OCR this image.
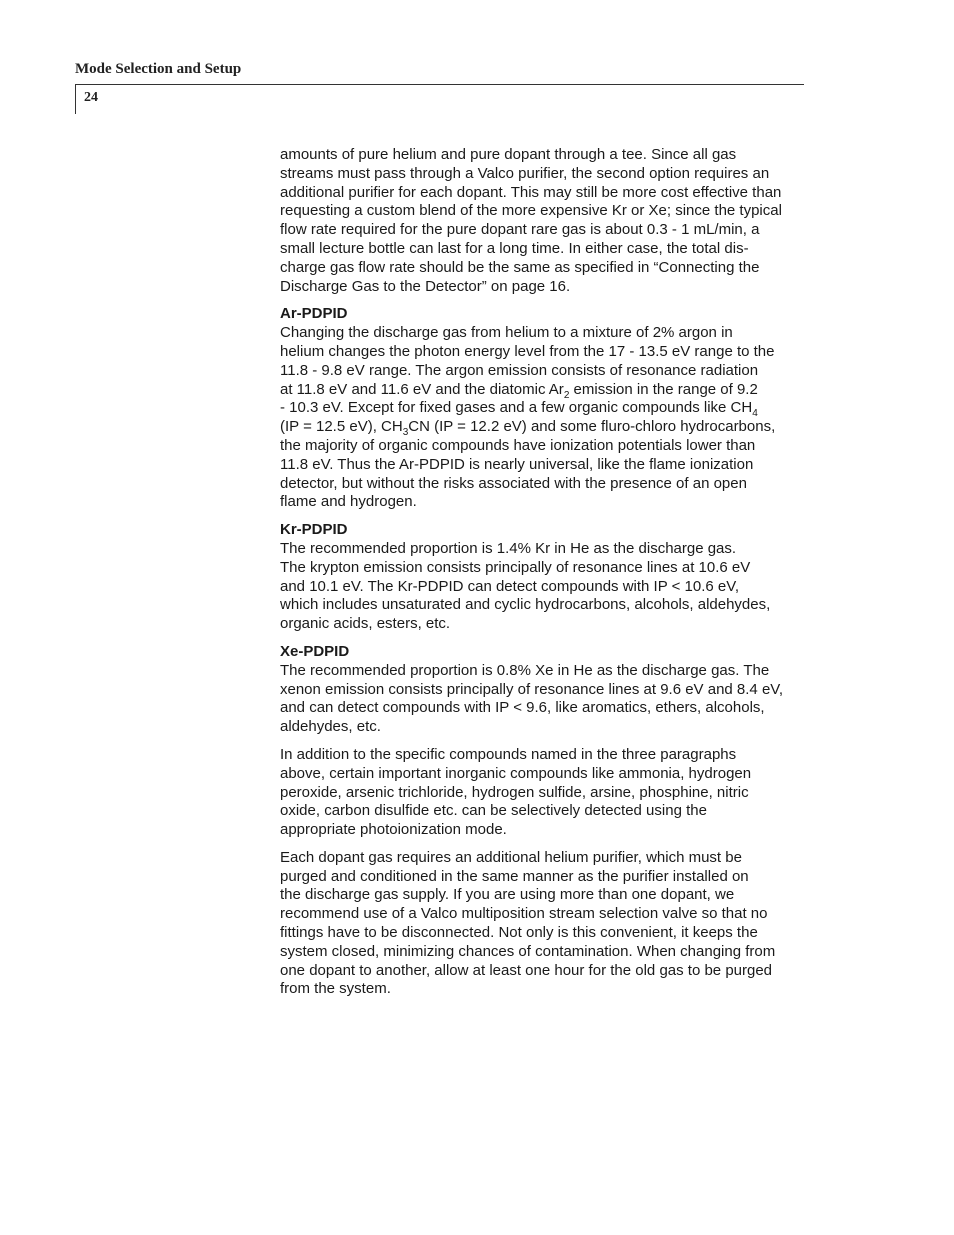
Mode Selection and Setup
24
amounts of pure helium and pure dopant through a tee. Since all gas
streams must pass through a Valco purifier, the second option requires an
additional purifier for each dopant. This may still be more cost effective than
requesting a custom blend of the more expensive Kr or Xe; since the typical
flow rate required for the pure dopant rare gas is about 0.3 - 1 mL/min, a
small lecture bottle can last for a long time. In either case, the total dis-
charge gas flow rate should be the same as specified in “Connecting the
Discharge Gas to the Detector” on page 16.
Ar-PDPID
Changing the discharge gas from helium to a mixture of 2% argon in
helium changes the photon energy level from the 17 - 13.5 eV range to the
11.8 - 9.8 eV range. The argon emission consists of resonance radiation
at 11.8 eV and 11.6 eV and the diatomic $Ar_2$ emission in the range of 9.2
- 10.3 eV. Except for fixed gases and a few organic compounds like $CH_4$
(IP = 12.5 eV), $CH_3CN$ (IP = 12.2 eV) and some fluro-chloro hydrocarbons,
the majority of organic compounds have ionization potentials lower than
11.8 eV. Thus the Ar-PDPID is nearly universal, like the flame ionization
detector, but without the risks associated with the presence of an open
flame and hydrogen.
Kr-PDPID
The recommended proportion is 1.4% Kr in He as the discharge gas.
The krypton emission consists principally of resonance lines at 10.6 eV
and 10.1 eV. The Kr-PDPID can detect compounds with IP < 10.6 eV,
which includes unsaturated and cyclic hydrocarbons, alcohols, aldehydes,
organic acids, esters, etc.
Xe-PDPID
The recommended proportion is 0.8% Xe in He as the discharge gas. The
xenon emission consists principally of resonance lines at 9.6 eV and 8.4 eV,
and can detect compounds with IP < 9.6, like aromatics, ethers, alcohols,
aldehydes, etc.
In addition to the specific compounds named in the three paragraphs
above, certain important inorganic compounds like ammonia, hydrogen
peroxide, arsenic trichloride, hydrogen sulfide, arsine, phosphine, nitric
oxide, carbon disulfide etc. can be selectively detected using the
appropriate photoionization mode.
Each dopant gas requires an additional helium purifier, which must be
purged and conditioned in the same manner as the purifier installed on
the discharge gas supply. If you are using more than one dopant, we
recommend use of a Valco multiposition stream selection valve so that no
fittings have to be disconnected. Not only is this convenient, it keeps the
system closed, minimizing chances of contamination. When changing from
one dopant to another, allow at least one hour for the old gas to be purged
from the system.
